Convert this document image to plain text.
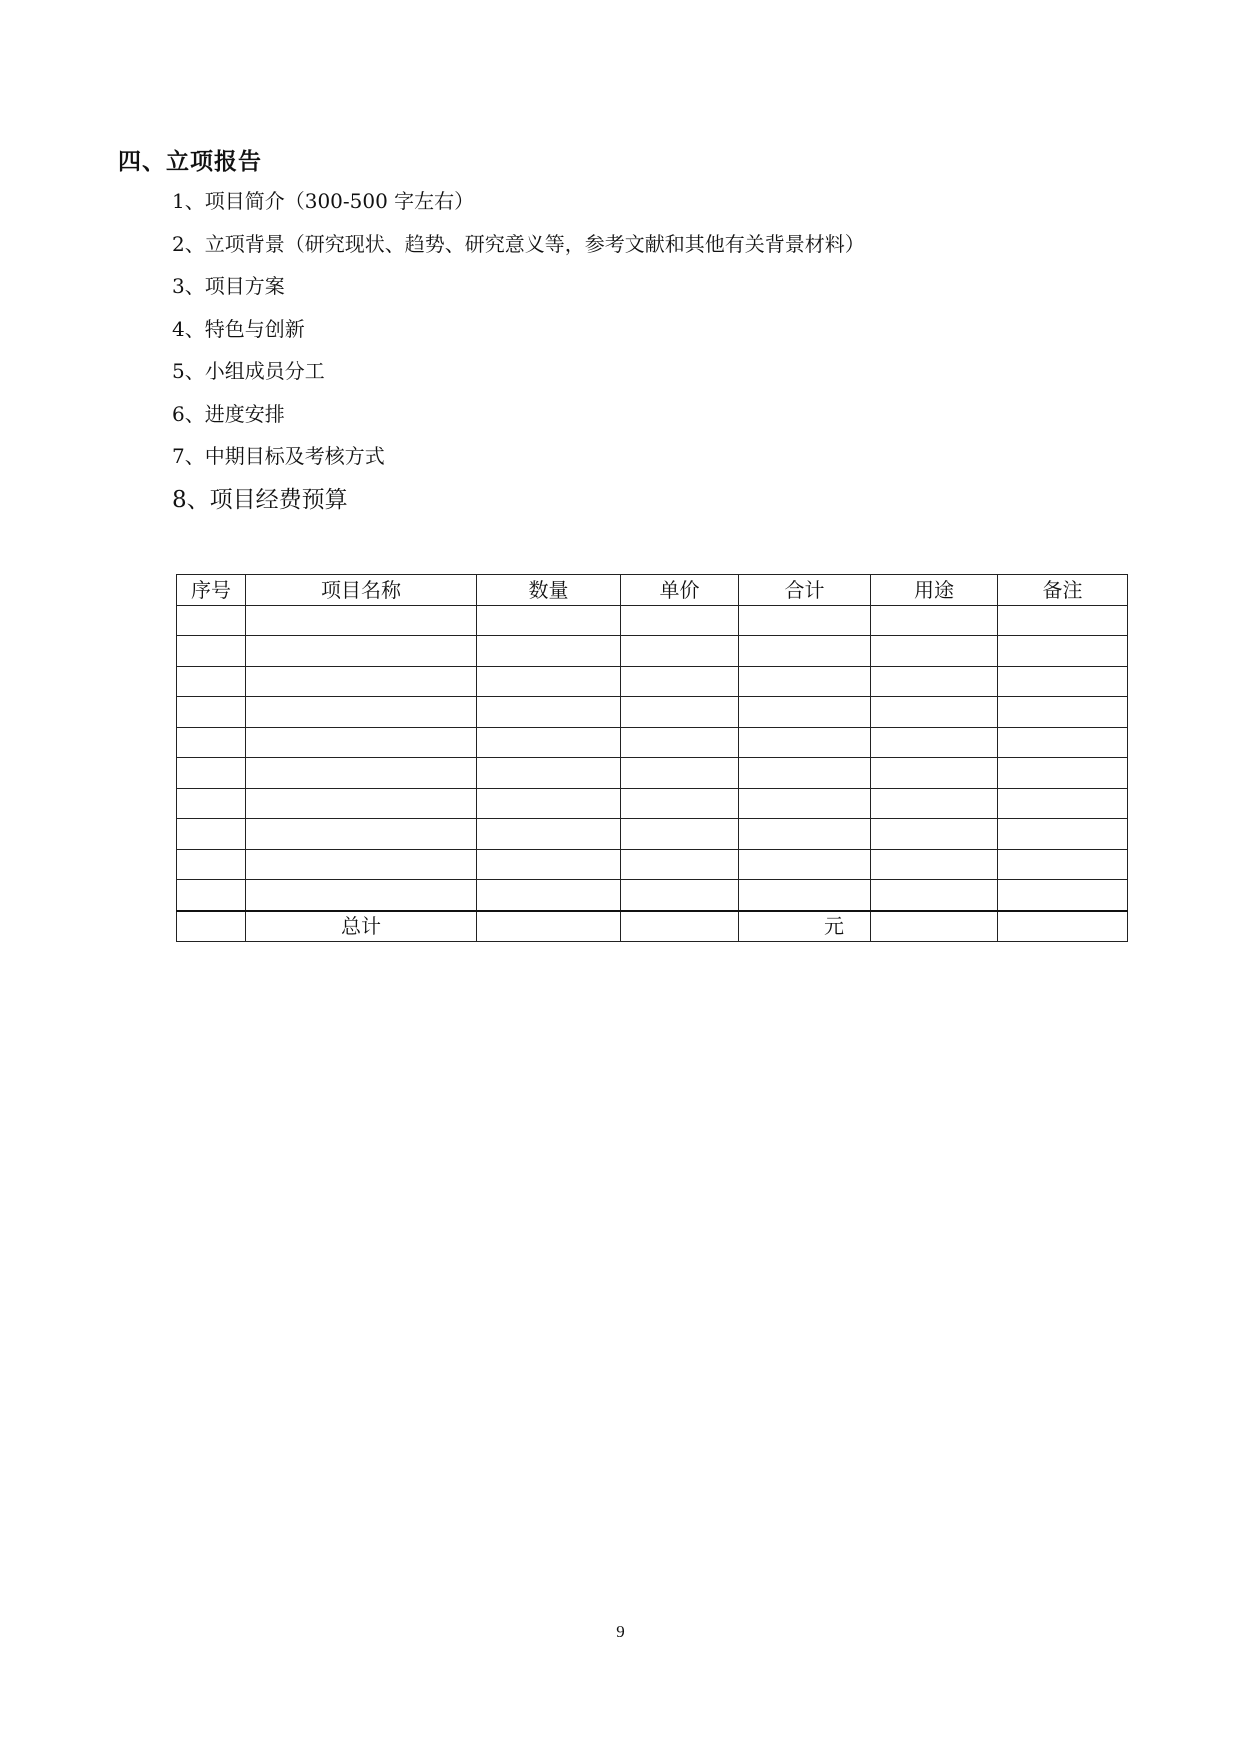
四、立项报告
1、项目简介（300-500 字左右）
2、立项背景（研究现状、趋势、研究意义等，参考文献和其他有关背景材料）
3、项目方案
4、特色与创新
5、小组成员分工
6、进度安排
7、中期目标及考核方式
8、项目经费预算
序号	项目名称	数量	单价	合计	用途	备注

	总计			元		
9
